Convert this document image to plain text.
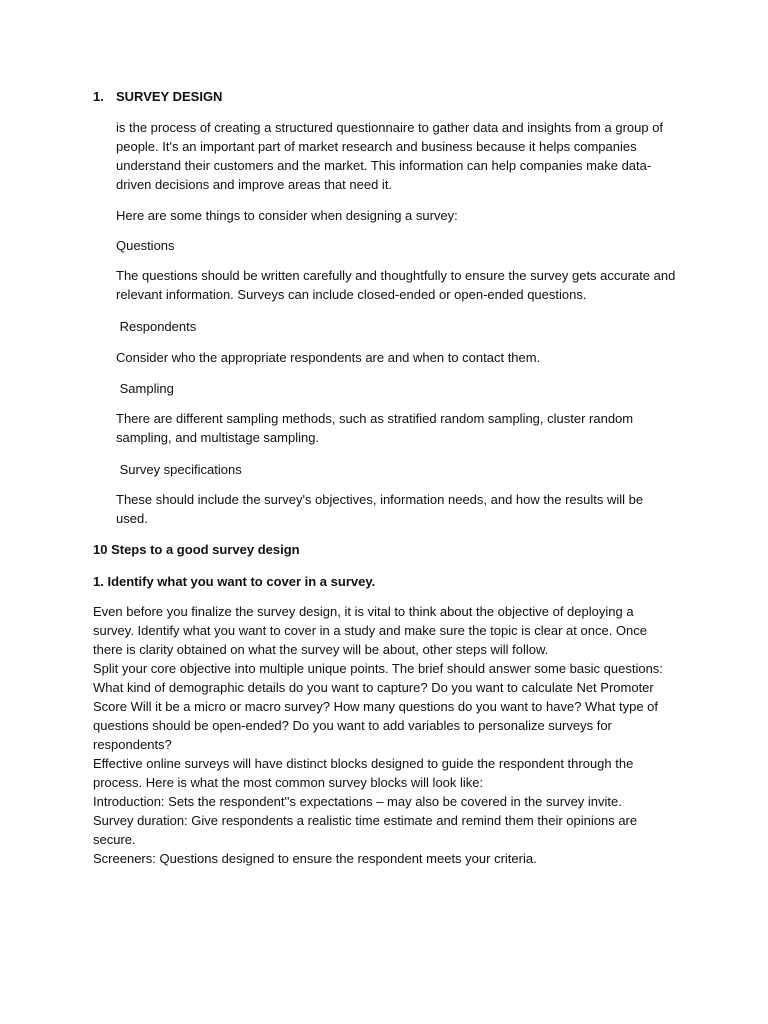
1. SURVEY DESIGN

is the process of creating a structured questionnaire to gather data and insights from a group of people. It's an important part of market research and business because it helps companies understand their customers and the market. This information can help companies make data-driven decisions and improve areas that need it.

Here are some things to consider when designing a survey:

Questions

The questions should be written carefully and thoughtfully to ensure the survey gets accurate and relevant information. Surveys can include closed-ended or open-ended questions.

Respondents

Consider who the appropriate respondents are and when to contact them.

Sampling

There are different sampling methods, such as stratified random sampling, cluster random sampling, and multistage sampling.

Survey specifications

These should include the survey's objectives, information needs, and how the results will be used.

10 Steps to a good survey design

1. Identify what you want to cover in a survey.

Even before you finalize the survey design, it is vital to think about the objective of deploying a
survey. Identify what you want to cover in a study and make sure the topic is clear at once. Once
there is clarity obtained on what the survey will be about, other steps will follow.
Split your core objective into multiple unique points. The brief should answer some basic questions:
What kind of demographic details do you want to capture? Do you want to calculate Net Promoter
Score Will it be a micro or macro survey? How many questions do you want to have? What type of
questions should be open-ended? Do you want to add variables to personalize surveys for
respondents?
Effective online surveys will have distinct blocks designed to guide the respondent through the
process. Here is what the most common survey blocks will look like:
Introduction: Sets the respondent''s expectations – may also be covered in the survey invite.
Survey duration: Give respondents a realistic time estimate and remind them their opinions are
secure.
Screeners: Questions designed to ensure the respondent meets your criteria.
